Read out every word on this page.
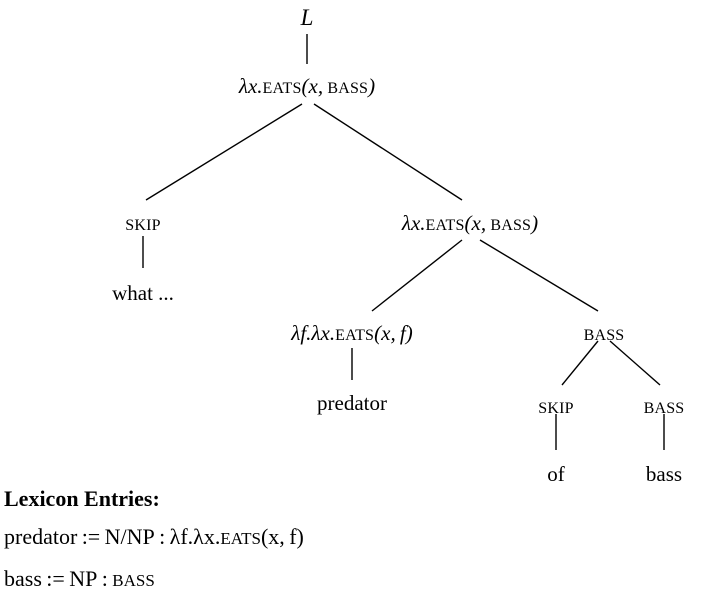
L
λx.EATS(x, BASS)
SKIP
what ...
λx.EATS(x, BASS)
λf.λx.EATS(x, f)
predator
BASS
SKIP	BASS
of	bass
Lexicon Entries:
predator := N/NP : λf.λx.EATS(x, f)
bass := NP : BASS
